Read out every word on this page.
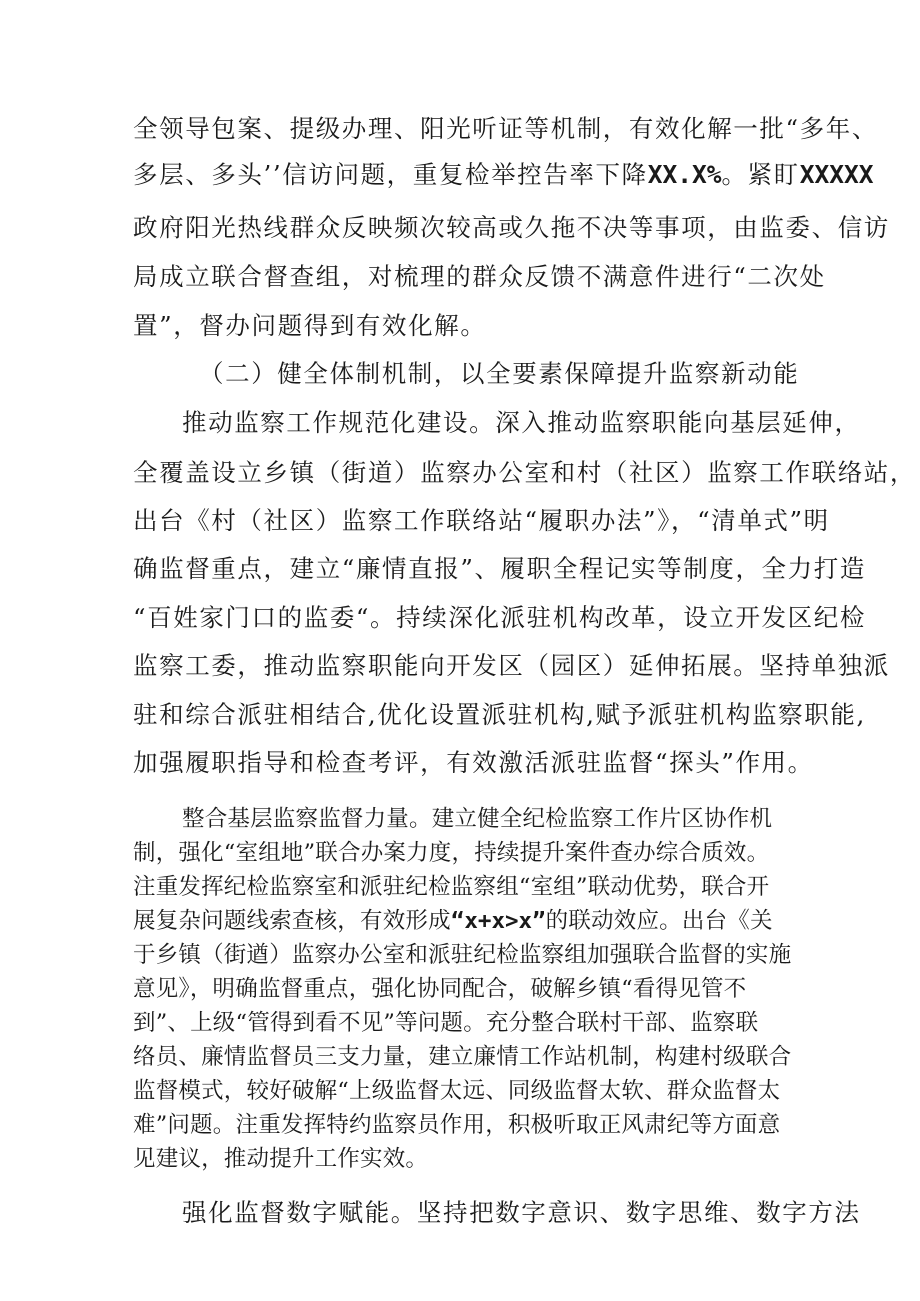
全领导包案、提级办理、阳光听证等机制，有效化解一批“多年、

多层、多头’’信访问题，重复检举控告率下降XX.X%。紧盯XXXXX

政府阳光热线群众反映频次较高或久拖不决等事项，由监委、信访

局成立联合督查组，对梳理的群众反馈不满意件进行“二次处

置”，督办问题得到有效化解。

（二）健全体制机制，以全要素保障提升监察新动能

推动监察工作规范化建设。深入推动监察职能向基层延伸，

全覆盖设立乡镇（街道）监察办公室和村（社区）监察工作联络站，

出台《村（社区）监察工作联络站“履职办法”》，“清单式”明

确监督重点，建立“廉情直报”、履职全程记实等制度，全力打造

“百姓家门口的监委“。持续深化派驻机构改革，设立开发区纪检

监察工委，推动监察职能向开发区（园区）延伸拓展。坚持单独派

驻和综合派驻相结合,优化设置派驻机构,赋予派驻机构监察职能,

加强履职指导和检查考评，有效激活派驻监督“探头”作用。

整合基层监察监督力量。建立健全纪检监察工作片区协作机

制，强化“室组地”联合办案力度，持续提升案件查办综合质效。

注重发挥纪检监察室和派驻纪检监察组“室组”联动优势，联合开

展复杂问题线索查核，有效形成“x+x>x”的联动效应。出台《关

于乡镇（街遒）监察办公室和派驻纪检监察组加强联合监督的实施

意见》，明确监督重点，强化协同配合，破解乡镇“看得见管不

到”、上级“管得到看不见”等问题。充分整合联村干部、监察联

络员、廉情监督员三支力量，建立廉情工作站机制，构建村级联合

监督模式，较好破解“上级监督太远、同级监督太软、群众监督太

难”问题。注重发挥特约监察员作用，积极听取正风肃纪等方面意

见建议，推动提升工作实效。

强化监督数字赋能。坚持把数字意识、数字思维、数字方法
